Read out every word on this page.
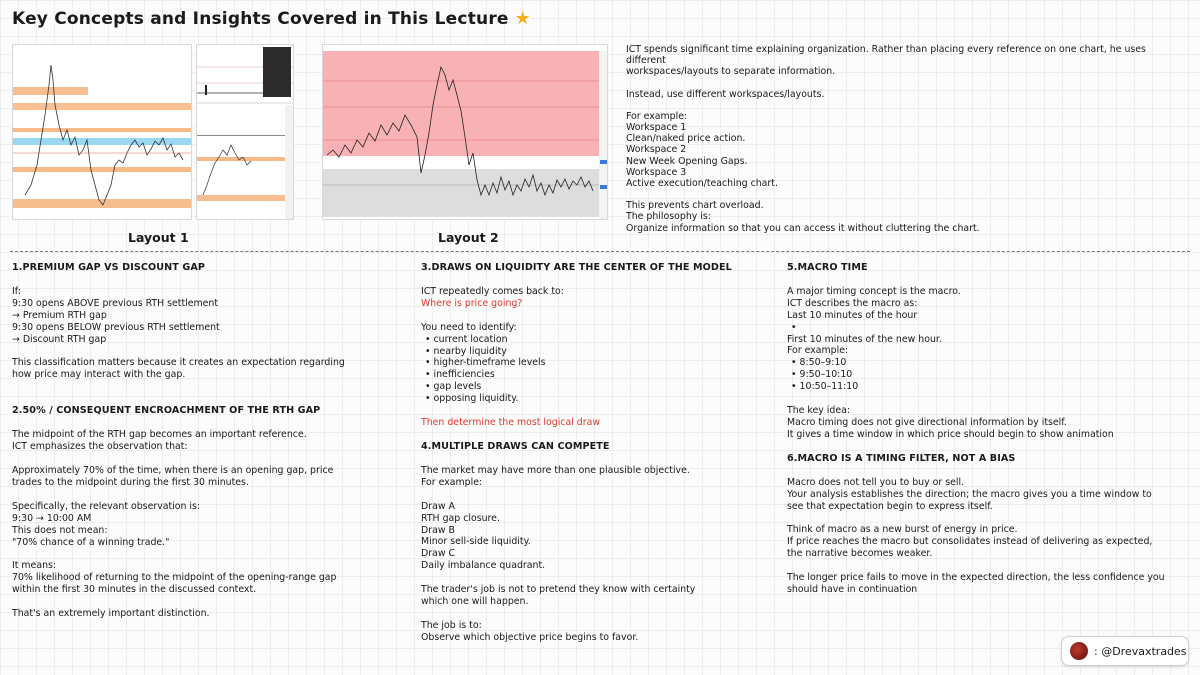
Key Concepts and Insights Covered in This Lecture ★
·
Layout 1	Layout 2
ICT spends significant time explaining organization. Rather than placing every reference on one chart, he uses different
workspaces/layouts to separate information.
Instead, use different workspaces/layouts.
For example:
Workspace 1
Clean/naked price action.
Workspace 2
New Week Opening Gaps.
Workspace 3
Active execution/teaching chart.
This prevents chart overload.
The philosophy is:
Organize information so that you can access it without cluttering the chart.
1.PREMIUM GAP VS DISCOUNT GAP
If:
9:30 opens ABOVE previous RTH settlement
→ Premium RTH gap
9:30 opens BELOW previous RTH settlement
→ Discount RTH gap
This classification matters because it creates an expectation regarding
how price may interact with the gap.
2.50% / CONSEQUENT ENCROACHMENT OF THE RTH GAP
The midpoint of the RTH gap becomes an important reference.
ICT emphasizes the observation that:
Approximately 70% of the time, when there is an opening gap, price
trades to the midpoint during the first 30 minutes.
Specifically, the relevant observation is:
9:30 → 10:00 AM
This does not mean:
"70% chance of a winning trade."
It means:
70% likelihood of returning to the midpoint of the opening-range gap
within the first 30 minutes in the discussed context.
That's an extremely important distinction.
3.DRAWS ON LIQUIDITY ARE THE CENTER OF THE MODEL
ICT repeatedly comes back to:
Where is price going?
You need to identify:
• current location
• nearby liquidity
• higher-timeframe levels
• inefficiencies
• gap levels
• opposing liquidity.
Then determine the most logical draw
4.MULTIPLE DRAWS CAN COMPETE
The market may have more than one plausible objective.
For example:
Draw A
RTH gap closure.
Draw B
Minor sell-side liquidity.
Draw C
Daily imbalance quadrant.
The trader's job is not to pretend they know with certainty
which one will happen.
The job is to:
Observe which objective price begins to favor.
5.MACRO TIME
A major timing concept is the macro.
ICT describes the macro as:
Last 10 minutes of the hour
•
First 10 minutes of the new hour.
For example:
• 8:50–9:10
• 9:50–10:10
• 10:50–11:10
The key idea:
Macro timing does not give directional information by itself.
It gives a time window in which price should begin to show animation
6.MACRO IS A TIMING FILTER, NOT A BIAS
Macro does not tell you to buy or sell.
Your analysis establishes the direction; the macro gives you a time window to
see that expectation begin to express itself.
Think of macro as a new burst of energy in price.
If price reaches the macro but consolidates instead of delivering as expected,
the narrative becomes weaker.
The longer price fails to move in the expected direction, the less confidence you
should have in continuation
: @Drevaxtrades
